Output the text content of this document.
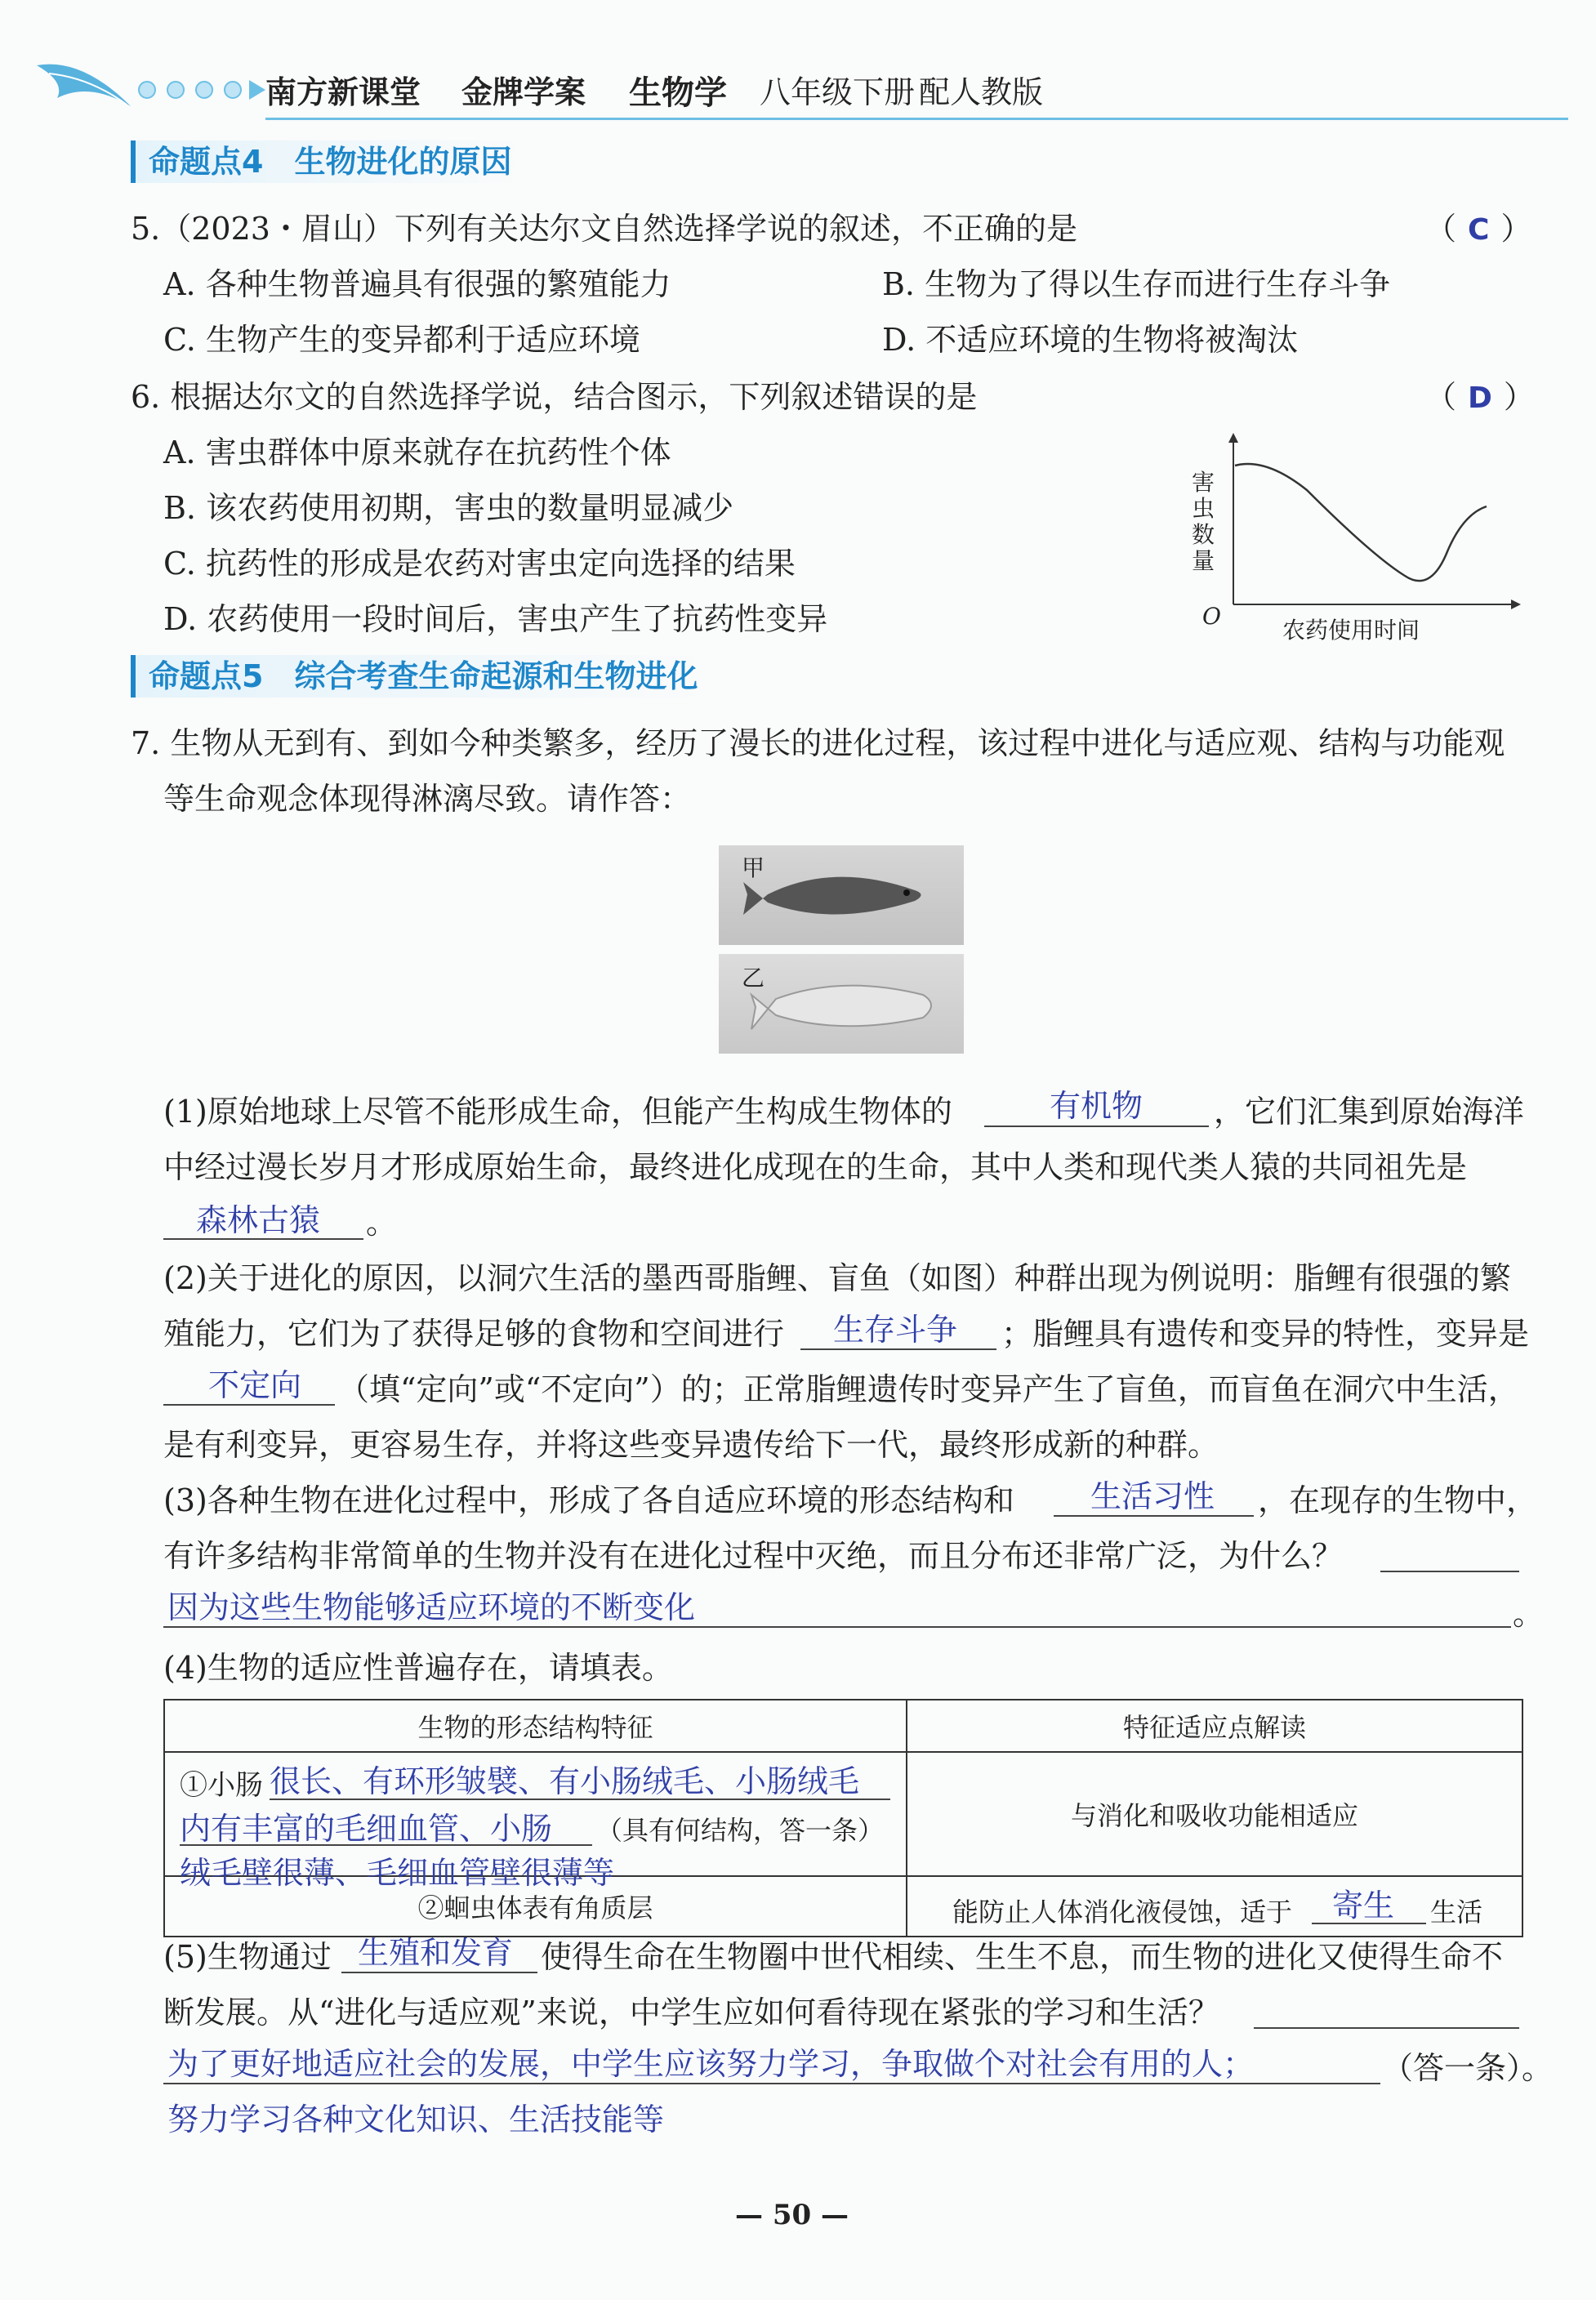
南方新课堂 金牌学案 生物学 八年级下册 配人教版
命题点4　生物进化的原因
5.（2023・眉山）下列有关达尔文自然选择学说的叙述，不正确的是	（ C ）
A. 各种生物普遍具有很强的繁殖能力	B. 生物为了得以生存而进行生存斗争
C. 生物产生的变异都利于适应环境	D. 不适应环境的生物将被淘汰
6. 根据达尔文的自然选择学说，结合图示，下列叙述错误的是	（ D ）
A. 害虫群体中原来就存在抗药性个体
B. 该农药使用初期，害虫的数量明显减少
C. 抗药性的形成是农药对害虫定向选择的结果
D. 农药使用一段时间后，害虫产生了抗药性变异
害虫数量
O
农药使用时间
命题点5　综合考查生命起源和生物进化
7. 生物从无到有、到如今种类繁多，经历了漫长的进化过程，该过程中进化与适应观、结构与功能观
等生命观念体现得淋漓尽致。请作答：
甲
乙
(1)原始地球上尽管不能形成生命，但能产生构成生物体的	有机物 ，它们汇集到原始海洋
中经过漫长岁月才形成原始生命，最终进化成现在的生命，其中人类和现代类人猿的共同祖先是
森林古猿 。
(2)关于进化的原因，以洞穴生活的墨西哥脂鲤、盲鱼（如图）种群出现为例说明：脂鲤有很强的繁
殖能力，它们为了获得足够的食物和空间进行 生存斗争 ；脂鲤具有遗传和变异的特性，变异是
不定向 （填“定向”或“不定向”）的；正常脂鲤遗传时变异产生了盲鱼，而盲鱼在洞穴中生活，
是有利变异，更容易生存，并将这些变异遗传给下一代，最终形成新的种群。
(3)各种生物在进化过程中，形成了各自适应环境的形态结构和 生活习性 ，在现存的生物中，
有许多结构非常简单的生物并没有在进化过程中灭绝，而且分布还非常广泛，为什么？
因为这些生物能够适应环境的不断变化	。
(4)生物的适应性普遍存在，请填表。
生物的形态结构特征	特征适应点解读

①小肠 很长、有环形皱襞、有小肠绒毛、小肠绒毛
内有丰富的毛细血管、小肠 （具有何结构，答一条）
绒毛壁很薄、毛细血管壁很薄等	与消化和吸收功能相适应
②蛔虫体表有角质层	能防止人体消化液侵蚀，适于 寄生 生活
(5)生物通过 生殖和发育 使得生命在生物圈中世代相续、生生不息，而生物的进化又使得生命不
断发展。从“进化与适应观”来说，中学生应如何看待现在紧张的学习和生活？
为了更好地适应社会的发展，中学生应该努力学习，争取做个对社会有用的人；	（答一条）。
努力学习各种文化知识、生活技能等
— 50 —
